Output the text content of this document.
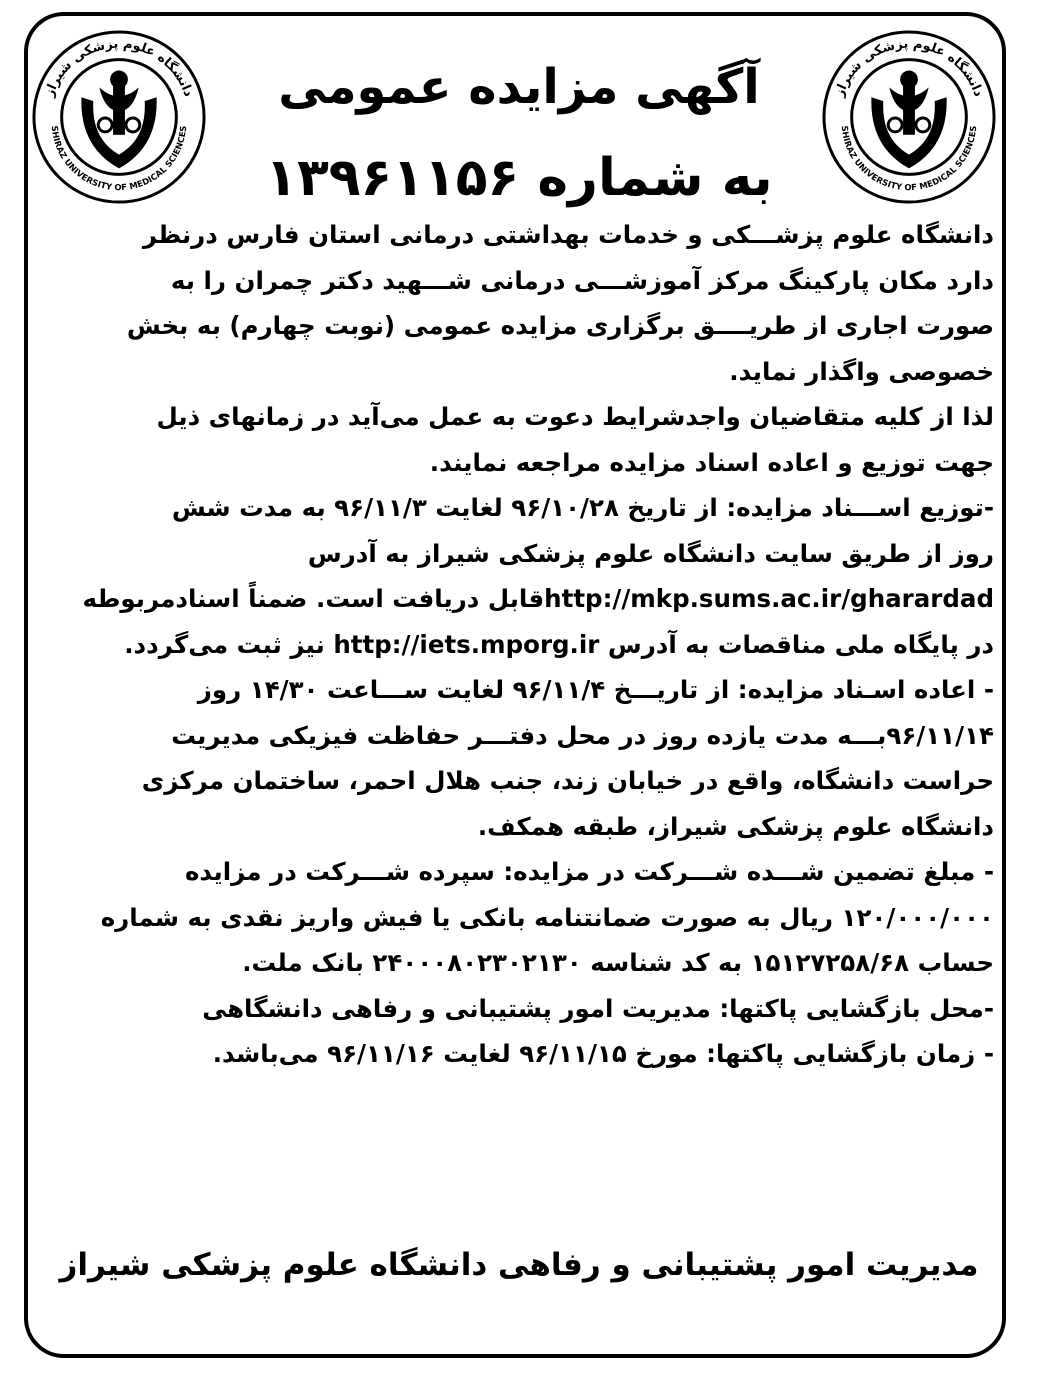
دانشگاه علوم پزشکی شیراز
SHIRAZ UNIVERSITY OF MEDICAL SCIENCES
دانشگاه علوم پزشکی شیراز
SHIRAZ UNIVERSITY OF MEDICAL SCIENCES
آگهی مزایده عمومی
به شماره ۱۳۹۶۱۱۵۶
دانشگاه علوم پزشـــکی و خدمات بهداشتی درمانی استان فارس درنظر
دارد مکان پارکینگ مرکز آموزشـــی درمانی شـــهید دکتر چمران را به
صورت اجاری از طریــــق برگزاری مزایده عمومی (نوبت چهارم) به بخش
خصوصی واگذار نماید.
لذا از کلیه متقاضیان واجدشرایط دعوت به عمل می‌آید در زمانهای ذیل
جهت توزیع و اعاده اسناد مزایده مراجعه نمایند.
-توزیع اســـناد مزایده: از تاریخ ۹۶/۱۰/۲۸ لغایت ۹۶/۱۱/۳ به مدت شش
روز از طریق سایت دانشگاه علوم پزشکی شیراز به آدرس
http://mkp.sums.ac.ir/gharardadقابل دریافت است. ضمناً اسنادمربوطه
در پایگاه ملی مناقصات به آدرس http://iets.mporg.ir نیز ثبت می‌گردد.
- اعاده اسـناد مزایده: از تاریـــخ ۹۶/۱۱/۴ لغایت ســـاعت ۱۴/۳۰ روز
۹۶/۱۱/۱۴بـــه مدت یازده روز در محل دفتـــر حفاظت فیزیکی مدیریت
حراست دانشگاه، واقع در خیابان زند، جنب هلال احمر، ساختمان مرکزی
دانشگاه علوم پزشکی شیراز، طبقه همکف.
- مبلغ تضمین شـــده شـــرکت در مزایده: سپرده شـــرکت در مزایده
۱۲۰/۰۰۰/۰۰۰ ریال به صورت ضمانتنامه بانکی یا فیش واریز نقدی به شماره
حساب ۱۵۱۲۷۲۵۸/۶۸ به کد شناسه ۲۴۰۰۰۸۰۲۳۰۲۱۳۰ بانک ملت.
-محل بازگشایی پاکتها: مدیریت امور پشتیبانی و رفاهی دانشگاهی
- زمان بازگشایی پاکتها: مورخ ۹۶/۱۱/۱۵ لغایت ۹۶/۱۱/۱۶ می‌باشد.
مدیریت امور پشتیبانی و رفاهی دانشگاه علوم پزشکی شیراز
